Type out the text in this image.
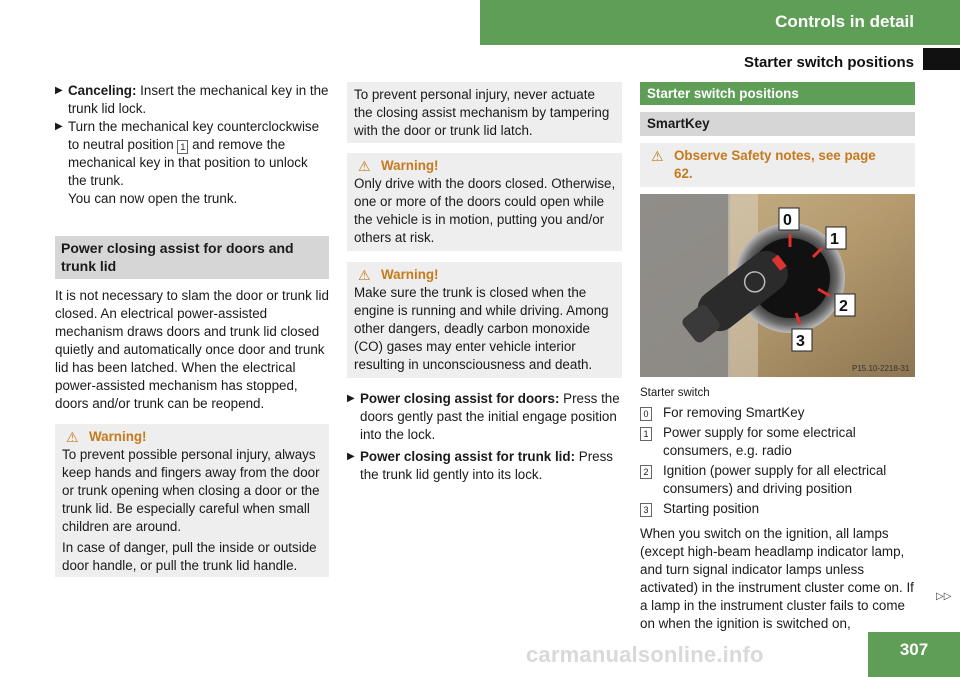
Controls in detail
Starter switch positions
▶ Canceling: Insert the mechanical key in the trunk lid lock.

▶ Turn the mechanical key counterclockwise to neutral position 1 and remove the mechanical key in that position to unlock the trunk.

You can now open the trunk.

Power closing assist for doors and trunk lid

It is not necessary to slam the door or trunk lid closed. An electrical power-assisted mechanism draws doors and trunk lid closed quietly and automatically once door and trunk lid has been latched. When the electrical power-assisted mechanism has stopped, doors and/or trunk can be reopend.

⚠ Warning!

To prevent possible personal injury, always keep hands and fingers away from the door or trunk opening when closing a door or the trunk lid. Be especially careful when small children are around.

In case of danger, pull the inside or outside door handle, or pull the trunk lid handle.

To prevent personal injury, never actuate the closing assist mechanism by tampering with the door or trunk lid latch.
⚠ Warning!

Only drive with the doors closed. Otherwise, one or more of the doors could open while the vehicle is in motion, putting you and/or others at risk.

⚠ Warning!

Make sure the trunk is closed when the engine is running and while driving. Among other dangers, deadly carbon monoxide (CO) gases may enter vehicle interior resulting in unconsciousness and death.

▶ Power closing assist for doors: Press the doors gently past the initial engage position into the lock.

▶ Power closing assist for trunk lid: Press the trunk lid gently into its lock.

Starter switch positions
SmartKey
⚠ Observe Safety notes, see page 62.
0
1
2
3
P15.10-2218-31

Starter switch

0 For removing SmartKey
1 Power supply for some electrical consumers, e.g. radio
2 Ignition (power supply for all electrical consumers) and driving position
3 Starting position

When you switch on the ignition, all lamps (except high-beam headlamp indicator lamp, and turn signal indicator lamps unless activated) in the instrument cluster come on. If a lamp in the instrument cluster fails to come on when the ignition is switched on,

▷▷
carmanualsonline.info	307
